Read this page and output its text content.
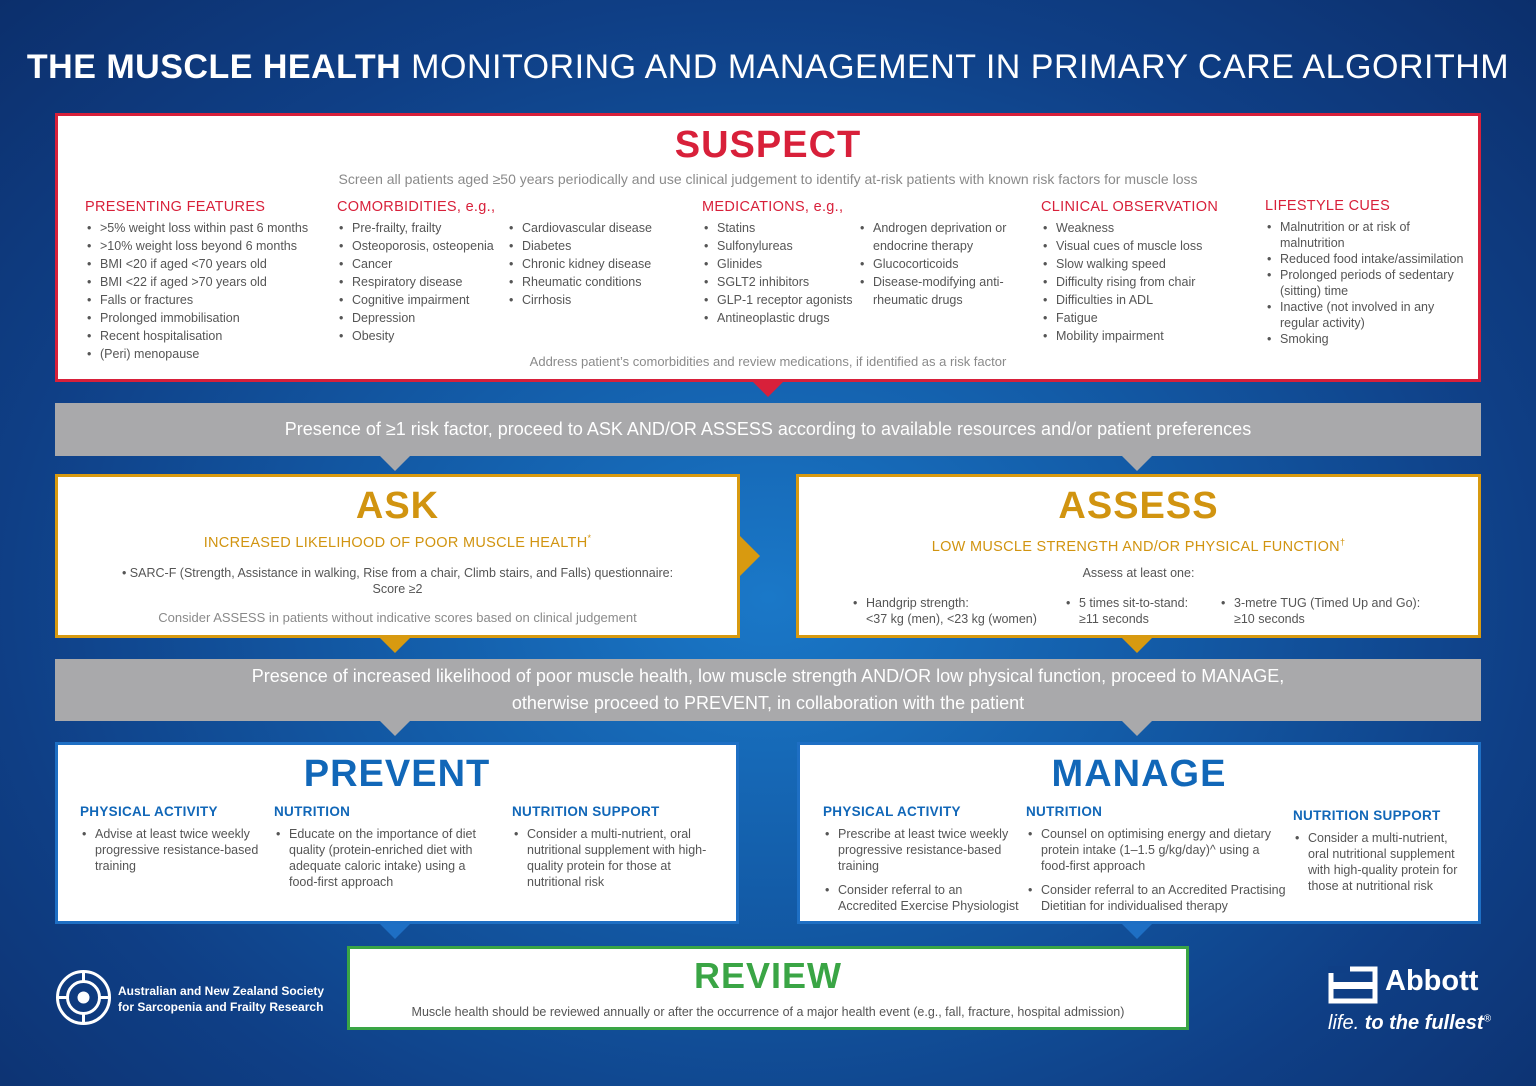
THE MUSCLE HEALTH MONITORING AND MANAGEMENT IN PRIMARY CARE ALGORITHM
SUSPECT
Screen all patients aged ≥50 years periodically and use clinical judgement to identify at-risk patients with known risk factors for muscle loss
PRESENTING FEATURES
• >5% weight loss within past 6 months
• >10% weight loss beyond 6 months
• BMI <20 if aged <70 years old
• BMI <22 if aged >70 years old
• Falls or fractures
• Prolonged immobilisation
• Recent hospitalisation
• (Peri) menopause
COMORBIDITIES, e.g.,
• Pre-frailty, frailty
• Osteoporosis, osteopenia
• Cancer
• Respiratory disease
• Cognitive impairment
• Depression
• Obesity
• Cardiovascular disease
• Diabetes
• Chronic kidney disease
• Rheumatic conditions
• Cirrhosis
MEDICATIONS, e.g.,
• Statins
• Sulfonylureas
• Glinides
• SGLT2 inhibitors
• GLP-1 receptor agonists
• Antineoplastic drugs
• Androgen deprivation or endocrine therapy
• Glucocorticoids
• Disease-modifying anti-rheumatic drugs
CLINICAL OBSERVATION
• Weakness
• Visual cues of muscle loss
• Slow walking speed
• Difficulty rising from chair
• Difficulties in ADL
• Fatigue
• Mobility impairment
LIFESTYLE CUES
• Malnutrition or at risk of malnutrition
• Reduced food intake/assimilation
• Prolonged periods of sedentary (sitting) time
• Inactive (not involved in any regular activity)
• Smoking
Address patient’s comorbidities and review medications, if identified as a risk factor
Presence of ≥1 risk factor, proceed to ASK AND/OR ASSESS according to available resources and/or patient preferences
ASK
INCREASED LIKELIHOOD OF POOR MUSCLE HEALTH*
• SARC-F (Strength, Assistance in walking, Rise from a chair, Climb stairs, and Falls) questionnaire:
Score ≥2
Consider ASSESS in patients without indicative scores based on clinical judgement
ASSESS
LOW MUSCLE STRENGTH AND/OR PHYSICAL FUNCTION†
Assess at least one:
• Handgrip strength:
<37 kg (men), <23 kg (women)
• 5 times sit-to-stand:
≥11 seconds
• 3-metre TUG (Timed Up and Go):
≥10 seconds
Presence of increased likelihood of poor muscle health, low muscle strength AND/OR low physical function, proceed to MANAGE,
otherwise proceed to PREVENT, in collaboration with the patient
PREVENT
PHYSICAL ACTIVITY
• Advise at least twice weekly progressive resistance-based training
NUTRITION
• Educate on the importance of diet quality (protein-enriched diet with adequate caloric intake) using a food-first approach
NUTRITION SUPPORT
• Consider a multi-nutrient, oral nutritional supplement with high-quality protein for those at nutritional risk
MANAGE
PHYSICAL ACTIVITY
• Prescribe at least twice weekly progressive resistance-based training
• Consider referral to an Accredited Exercise Physiologist
NUTRITION
• Counsel on optimising energy and dietary protein intake (1–1.5 g/kg/day)^ using a food-first approach
• Consider referral to an Accredited Practising Dietitian for individualised therapy
NUTRITION SUPPORT
• Consider a multi-nutrient, oral nutritional supplement with high-quality protein for those at nutritional risk
REVIEW
Muscle health should be reviewed annually or after the occurrence of a major health event (e.g., fall, fracture, hospital admission)
Australian and New Zealand Society
for Sarcopenia and Frailty Research
Abbott
life. to the fullest®
